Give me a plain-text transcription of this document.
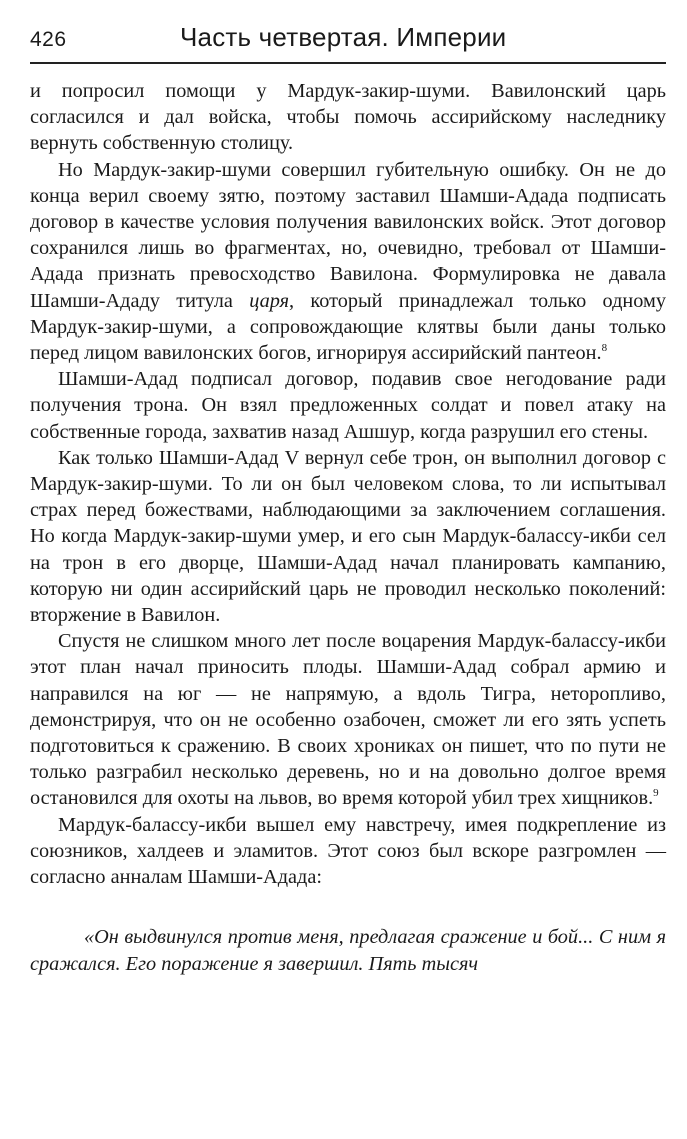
426	Часть четвертая. Империи

и попросил помощи у Мардук-закир-шуми. Вавилонский царь согласился и дал войска, чтобы помочь ассирийскому наследнику вернуть собственную столицу.

Но Мардук-закир-шуми совершил губительную ошибку. Он не до конца верил своему зятю, поэтому заставил Шамши-Адада подписать договор в качестве условия получения вавилонских войск. Этот договор сохранился лишь во фрагментах, но, очевидно, требовал от Шамши-Адада признать превосходство Вавилона. Формулировка не давала Шамши-Ададу титула царя, который принадлежал только одному Мардук-закир-шуми, а сопровождающие клятвы были даны только перед лицом вавилонских богов, игнорируя ассирийский пантеон.$^8$

Шамши-Адад подписал договор, подавив свое негодование ради получения трона. Он взял предложенных солдат и повел атаку на собственные города, захватив назад Ашшур, когда разрушил его стены.

Как только Шамши-Адад V вернул себе трон, он выполнил договор с Мардук-закир-шуми. То ли он был человеком слова, то ли испытывал страх перед божествами, наблюдающими за заключением соглашения. Но когда Мардук-закир-шуми умер, и его сын Мардук-балассу-икби сел на трон в его дворце, Шамши-Адад начал планировать кампанию, которую ни один ассирийский царь не проводил несколько поколений: вторжение в Вавилон.

Спустя не слишком много лет после воцарения Мардук-балассу-икби этот план начал приносить плоды. Шамши-Адад собрал армию и направился на юг — не напрямую, а вдоль Тигра, неторопливо, демонстрируя, что он не особенно озабочен, сможет ли его зять успеть подготовиться к сражению. В своих хрониках он пишет, что по пути не только разграбил несколько деревень, но и на довольно долгое время остановился для охоты на львов, во время которой убил трех хищников.$^9$

Мардук-балассу-икби вышел ему навстречу, имея подкрепление из союзников, халдеев и эламитов. Этот союз был вскоре разгромлен — согласно анналам Шамши-Адада:

«Он выдвинулся против меня, предлагая сражение и бой... С ним я сражался. Его поражение я завершил. Пять тысяч
